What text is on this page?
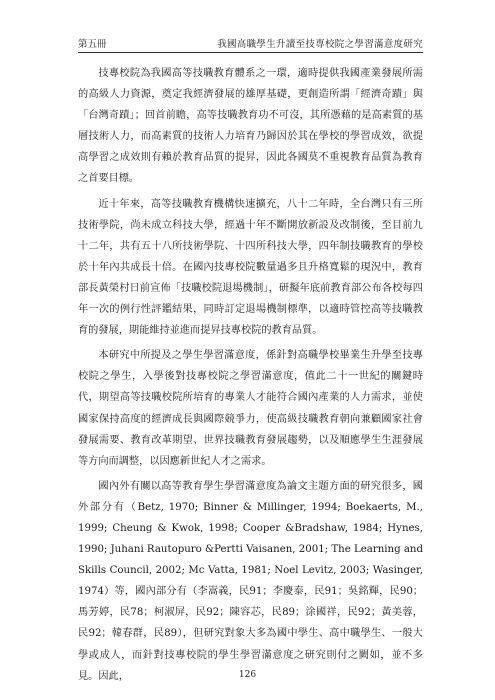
第五冊	我國高職學生升讀至技專校院之學習滿意度研究

技專校院為我國高等技職教育體系之一環，適時提供我國產業發展所需的高級人力資源，奠定我經濟發展的雄厚基礎，更創造所謂「經濟奇蹟」與「台灣奇蹟」；回首前瞻，高等技職教育功不可沒，其所憑藉的是高素質的基層技術人力，而高素質的技術人力培育乃歸因於其在學校的學習成效，欲提高學習之成效則有賴於教育品質的提昇，因此各國莫不重視教育品質為教育之首要目標。

近十年來，高等技職教育機構快速擴充，八十二年時，全台灣只有三所技術學院，尚未成立科技大學，經過十年不斷開放新設及改制後，至目前九十二年，共有五十八所技術學院、十四所科技大學，四年制技職教育的學校於十年內共成長十倍。在國內技專校院數量過多且升格寬鬆的現況中，教育部長黃榮村日前宣佈「技職校院退場機制」，研擬年底前教育部公布各校每四年一次的例行性評鑑結果，同時訂定退場機制標準，以適時管控高等技職教育的發展，期能維持並進而提昇技專校院的教育品質。

本研究中所提及之學生學習滿意度，係針對高職學校畢業生升學至技專校院之學生，入學後對技專校院之學習滿意度，值此二十一世紀的關鍵時代，期望高等技職校院所培育的專業人才能符合國內產業的人力需求，並使國家保持高度的經濟成長與國際競爭力，使高級技職教育朝向兼顧國家社會發展需要、教育改革期望、世界技職教育發展趨勢，以及順應學生生涯發展等方向而調整，以因應新世紀人才之需求。

國內外有關以高等教育學生學習滿意度為論文主題方面的研究很多，國外部分有（Betz, 1970; Binner & Millinger, 1994; Boekaerts, M., 1999; Cheung & Kwok, 1998; Cooper &Bradshaw, 1984; Hynes, 1990; Juhani Rautopuro &Pertti Vaisanen, 2001; The Learning and Skills Council, 2002; Mc Vatta, 1981; Noel Levitz, 2003; Wasinger, 1974）等，國內部分有（李嵩義，民91；李慶泰，民91；吳銘輝，民90；馬芳婷，民78；柯淑屏，民92；陳容芯，民89；涂國祥，民92；黃美蓉，民92；韓春群，民89），但研究對象大多為國中學生、高中職學生、一般大學或成人，而針對技專校院的學生學習滿意度之研究則付之闕如，並不多見。因此，	126
